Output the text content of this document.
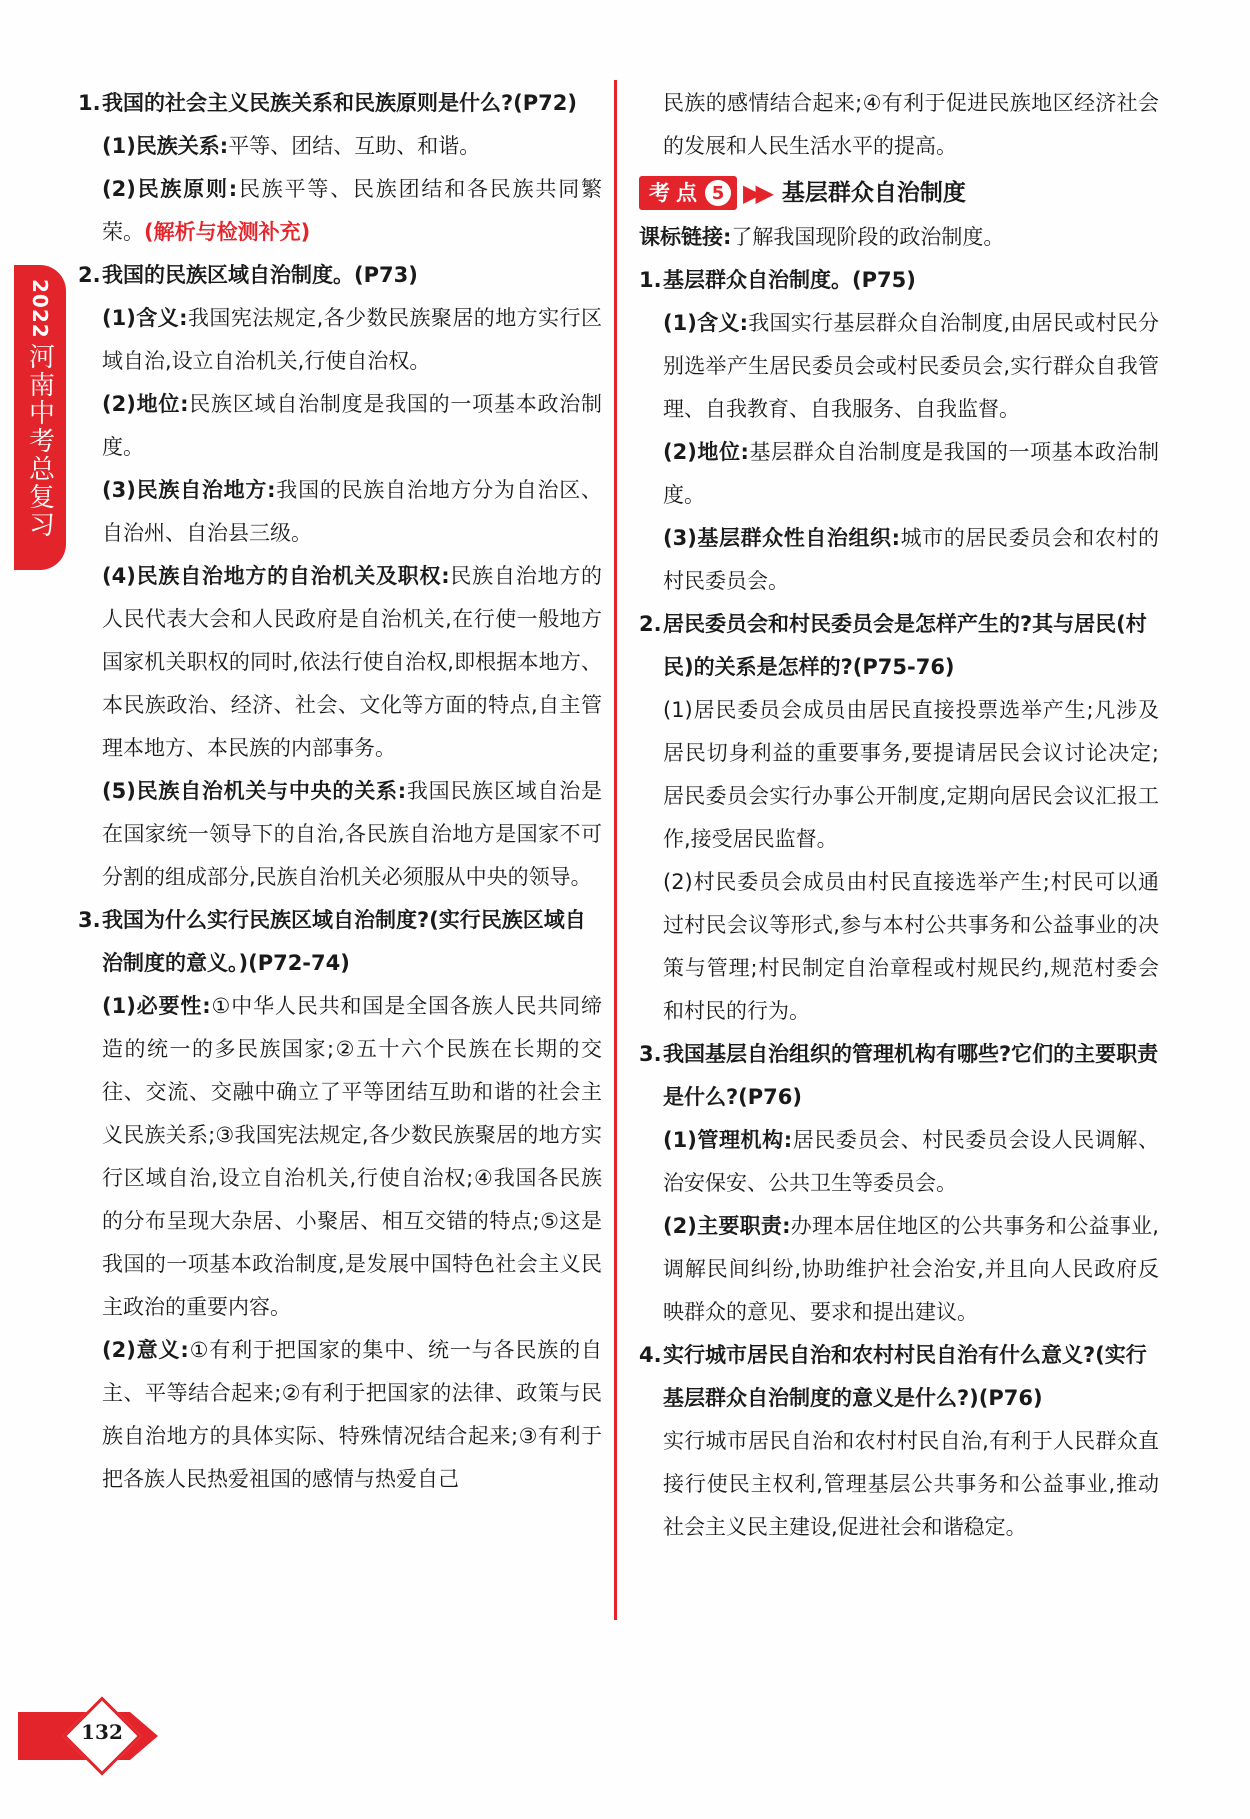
2022
河南中考总复习

1.我国的社会主义民族关系和民族原则是什么?(P72)

(1)民族关系:平等、团结、互助、和谐。

(2)民族原则:民族平等、民族团结和各民族共同繁荣。(解析与检测补充)

2.我国的民族区域自治制度。(P73)

(1)含义:我国宪法规定,各少数民族聚居的地方实行区域自治,设立自治机关,行使自治权。

(2)地位:民族区域自治制度是我国的一项基本政治制度。

(3)民族自治地方:我国的民族自治地方分为自治区、自治州、自治县三级。

(4)民族自治地方的自治机关及职权:民族自治地方的人民代表大会和人民政府是自治机关,在行使一般地方国家机关职权的同时,依法行使自治权,即根据本地方、本民族政治、经济、社会、文化等方面的特点,自主管理本地方、本民族的内部事务。

(5)民族自治机关与中央的关系:我国民族区域自治是在国家统一领导下的自治,各民族自治地方是国家不可分割的组成部分,民族自治机关必须服从中央的领导。

3.我国为什么实行民族区域自治制度?(实行民族区域自治制度的意义。)(P72-74)

(1)必要性:①中华人民共和国是全国各族人民共同缔造的统一的多民族国家;②五十六个民族在长期的交往、交流、交融中确立了平等团结互助和谐的社会主义民族关系;③我国宪法规定,各少数民族聚居的地方实行区域自治,设立自治机关,行使自治权;④我国各民族的分布呈现大杂居、小聚居、相互交错的特点;⑤这是我国的一项基本政治制度,是发展中国特色社会主义民主政治的重要内容。

(2)意义:①有利于把国家的集中、统一与各民族的自主、平等结合起来;②有利于把国家的法律、政策与民族自治地方的具体实际、特殊情况结合起来;③有利于把各族人民热爱祖国的感情与热爱自己

民族的感情结合起来;④有利于促进民族地区经济社会的发展和人民生活水平的提高。

考点 5 ▶▶ 基层群众自治制度

课标链接:了解我国现阶段的政治制度。

1.基层群众自治制度。(P75)

(1)含义:我国实行基层群众自治制度,由居民或村民分别选举产生居民委员会或村民委员会,实行群众自我管理、自我教育、自我服务、自我监督。

(2)地位:基层群众自治制度是我国的一项基本政治制度。

(3)基层群众性自治组织:城市的居民委员会和农村的村民委员会。

2.居民委员会和村民委员会是怎样产生的?其与居民(村民)的关系是怎样的?(P75-76)

(1)居民委员会成员由居民直接投票选举产生;凡涉及居民切身利益的重要事务,要提请居民会议讨论决定;居民委员会实行办事公开制度,定期向居民会议汇报工作,接受居民监督。

(2)村民委员会成员由村民直接选举产生;村民可以通过村民会议等形式,参与本村公共事务和公益事业的决策与管理;村民制定自治章程或村规民约,规范村委会和村民的行为。

3.我国基层自治组织的管理机构有哪些?它们的主要职责是什么?(P76)

(1)管理机构:居民委员会、村民委员会设人民调解、治安保安、公共卫生等委员会。

(2)主要职责:办理本居住地区的公共事务和公益事业,调解民间纠纷,协助维护社会治安,并且向人民政府反映群众的意见、要求和提出建议。

4.实行城市居民自治和农村村民自治有什么意义?(实行基层群众自治制度的意义是什么?)(P76)

实行城市居民自治和农村村民自治,有利于人民群众直接行使民主权利,管理基层公共事务和公益事业,推动社会主义民主建设,促进社会和谐稳定。

132
